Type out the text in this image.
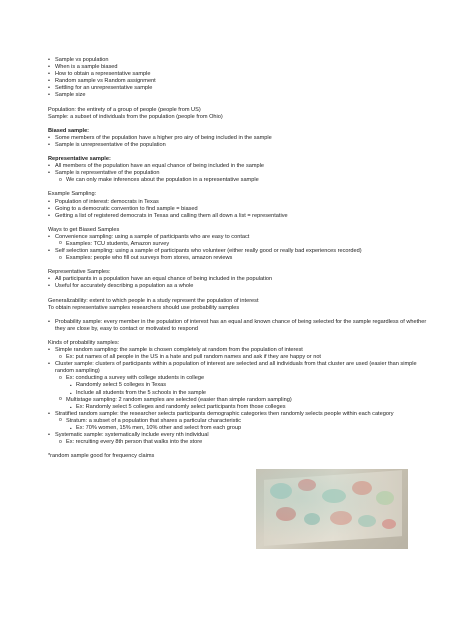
• Sample vs population
• When is a sample biased
• How to obtain a representative sample
• Random sample vs Random assignment
• Settling for an unrepresentative sample
• Sample size
Population: the entirety of a group of people (people from US)
Sample: a subset of individuals from the population (people from Ohio)
Biased sample:
• Some members of the population have a higher pro airy of being included in the sample
• Sample is unrepresentative of the population
Representative sample:
• All members of the population have an equal chance of being included in the sample
• Sample is representative of the population
o We can only make inferences about the population in a representative sample
Example Sampling:
• Population of interest: democrats in Texas
• Going to a democratic convention to find sample = biased
• Getting a list of registered democrats in Texas and calling them all down a list = representative
Ways to get Biased Samples
• Convenience sampling: using a sample of participants who are easy to contact
o Examples: TCU students, Amazon survey
• Self selection sampling: using a sample of participants who volunteer (either really good or really bad experiences recorded)
o Examples: people who fill out surveys from stores, amazon reviews
Representative Samples:
• All participants in a population have an equal chance of being included in the population
• Useful for accurately describing a population as a whole
Generalizability: extent to which people in a study represent the population of interest
To obtain representative samples researchers should use probability samples
• Probability sample: every member in the population of interest has an equal and known chance of being selected for the sample regardless of whether they are close by, easy to contact or motivated to respond
Kinds of probability samples:
• Simple random sampling: the sample is chosen completely at random from the population of interest
o Ex: put names of all people in the US in a hate and pull random names and ask if they are happy or not
• Cluster sample: clusters of participants within a population of interest are selected and all individuals from that cluster are used (easier than simple random sampling)
o Ex: conducting a survey with college students in college
• Randomly select 5 colleges in Texas
• Include all students from the 5 schools in the sample
o Multistage sampling: 2 random samples are selected (easier than simple random sampling)
• Ex: Randomly select 5 colleges and randomly select participants from those colleges
• Stratified random sample: the researcher selects participants demographic categories then randomly selects people within each category
o Stratum: a subset of a population that shares a particular characteristic
• Ex: 70% women, 15% men, 10% other and select from each group
• Systematic sample: systematically include every nth individual
o Ex: recruiting every 8th person that walks into the store
*random sample good for frequency claims
